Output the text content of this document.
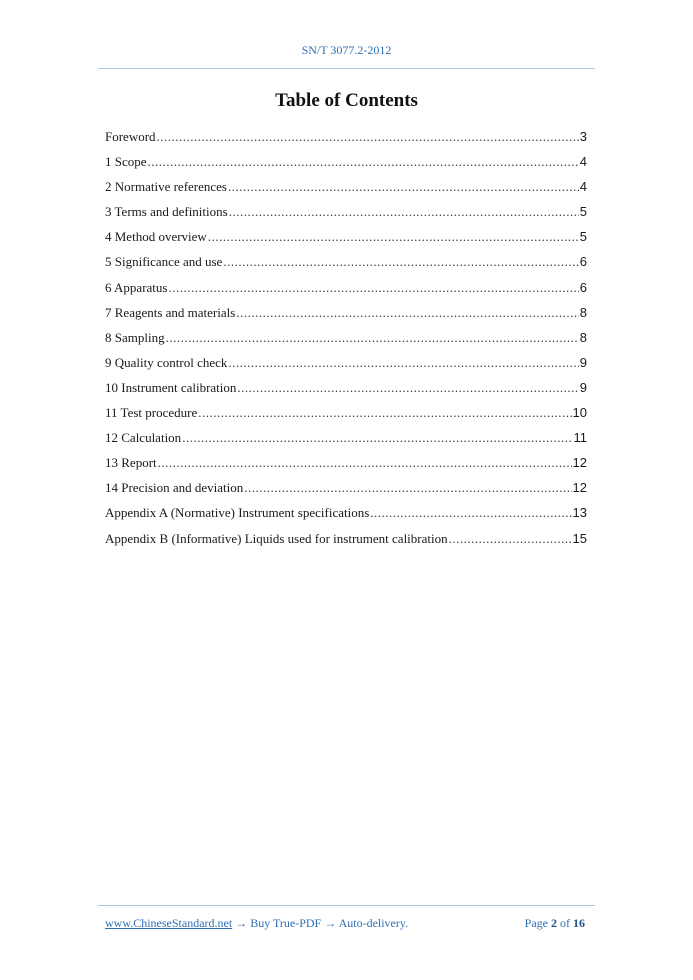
SN/T 3077.2-2012
Table of Contents
Foreword .....	3
1 Scope .....	4
2 Normative references .....	4
3 Terms and definitions .....	5
4 Method overview .....	5
5 Significance and use .....	6
6 Apparatus .....	6
7 Reagents and materials .....	8
8 Sampling .....	8
9 Quality control check .....	9
10 Instrument calibration .....	9
11 Test procedure .....	10
12 Calculation .....	11
13 Report .....	12
14 Precision and deviation .....	12
Appendix A (Normative) Instrument specifications .....	13
Appendix B (Informative) Liquids used for instrument calibration .....	15
www.ChineseStandard.net → Buy True-PDF → Auto-delivery.	Page 2 of 16
